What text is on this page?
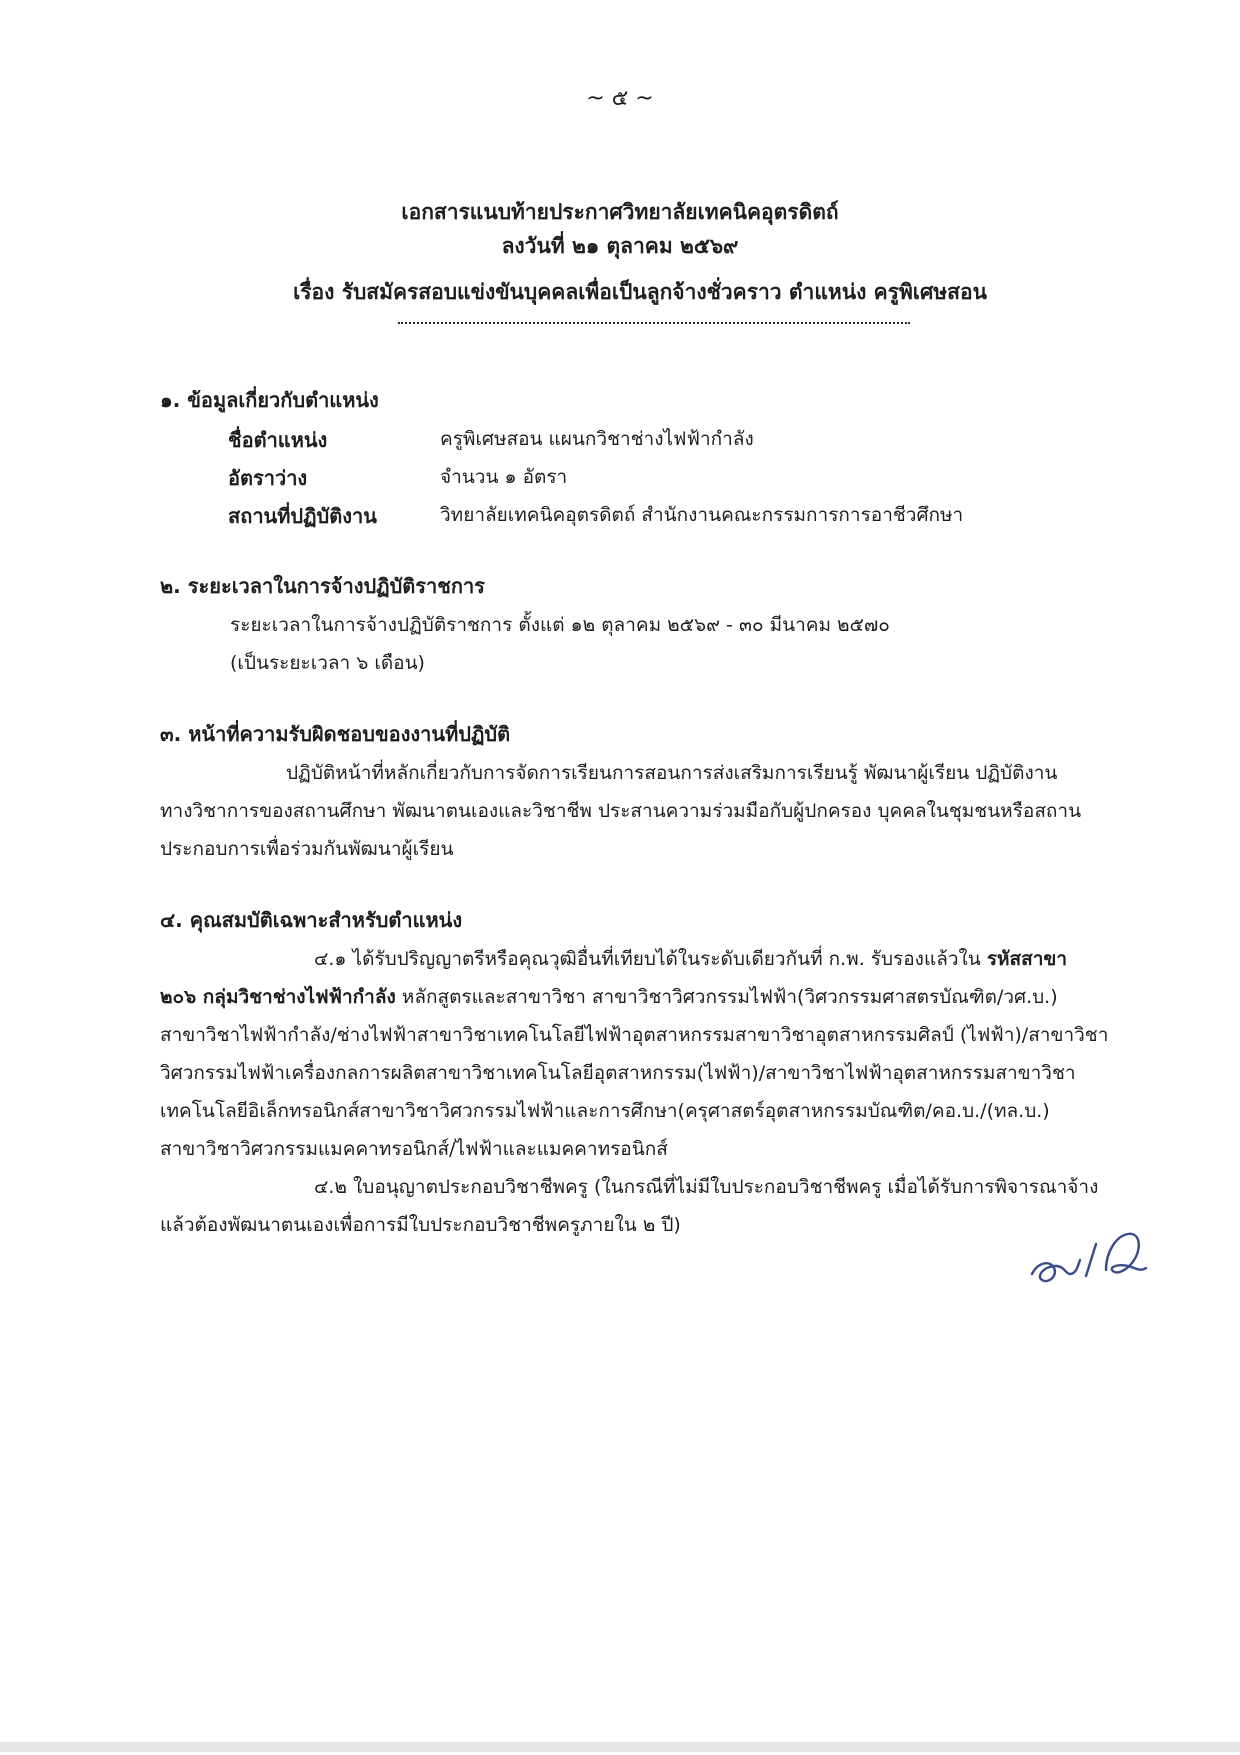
~ ๕ ~
เอกสารแนบท้ายประกาศวิทยาลัยเทคนิคอุตรดิตถ์
ลงวันที่ ๒๑ ตุลาคม ๒๕๖๙
เรื่อง รับสมัครสอบแข่งขันบุคคลเพื่อเป็นลูกจ้างชั่วคราว ตำแหน่ง ครูพิเศษสอน
๑. ข้อมูลเกี่ยวกับตำแหน่ง
ชื่อตำแหน่ง	ครูพิเศษสอน แผนกวิชาช่างไฟฟ้ากำลัง
อัตราว่าง	จำนวน ๑ อัตรา
สถานที่ปฏิบัติงาน	วิทยาลัยเทคนิคอุตรดิตถ์ สำนักงานคณะกรรมการการอาชีวศึกษา
๒. ระยะเวลาในการจ้างปฏิบัติราชการ
ระยะเวลาในการจ้างปฏิบัติราชการ ตั้งแต่ ๑๒ ตุลาคม ๒๕๖๙ - ๓๐ มีนาคม ๒๕๗๐
(เป็นระยะเวลา ๖ เดือน)
๓. หน้าที่ความรับผิดชอบของงานที่ปฏิบัติ
ปฏิบัติหน้าที่หลักเกี่ยวกับการจัดการเรียนการสอนการส่งเสริมการเรียนรู้ พัฒนาผู้เรียน ปฏิบัติงาน
ทางวิชาการของสถานศึกษา พัฒนาตนเองและวิชาชีพ ประสานความร่วมมือกับผู้ปกครอง บุคคลในชุมชนหรือสถาน
ประกอบการเพื่อร่วมกันพัฒนาผู้เรียน
๔. คุณสมบัติเฉพาะสำหรับตำแหน่ง
๔.๑ ได้รับปริญญาตรีหรือคุณวุฒิอื่นที่เทียบได้ในระดับเดียวกันที่ ก.พ. รับรองแล้วใน รหัสสาขา
๒๐๖ กลุ่มวิชาช่างไฟฟ้ากำลัง หลักสูตรและสาขาวิชา สาขาวิชาวิศวกรรมไฟฟ้า(วิศวกรรมศาสตรบัณฑิต/วศ.บ.)
สาขาวิชาไฟฟ้ากำลัง/ช่างไฟฟ้าสาขาวิชาเทคโนโลยีไฟฟ้าอุตสาหกรรมสาขาวิชาอุตสาหกรรมศิลป์ (ไฟฟ้า)/สาขาวิชา
วิศวกรรมไฟฟ้าเครื่องกลการผลิตสาขาวิชาเทคโนโลยีอุตสาหกรรม(ไฟฟ้า)/สาขาวิชาไฟฟ้าอุตสาหกรรมสาขาวิชา
เทคโนโลยีอิเล็กทรอนิกส์สาขาวิชาวิศวกรรมไฟฟ้าและการศึกษา(ครุศาสตร์อุตสาหกรรมบัณฑิต/คอ.บ./(ทล.บ.)
สาขาวิชาวิศวกรรมแมคคาทรอนิกส์/ไฟฟ้าและแมคคาทรอนิกส์
๔.๒ ใบอนุญาตประกอบวิชาชีพครู (ในกรณีที่ไม่มีใบประกอบวิชาชีพครู เมื่อได้รับการพิจารณาจ้าง
แล้วต้องพัฒนาตนเองเพื่อการมีใบประกอบวิชาชีพครูภายใน ๒ ปี)
